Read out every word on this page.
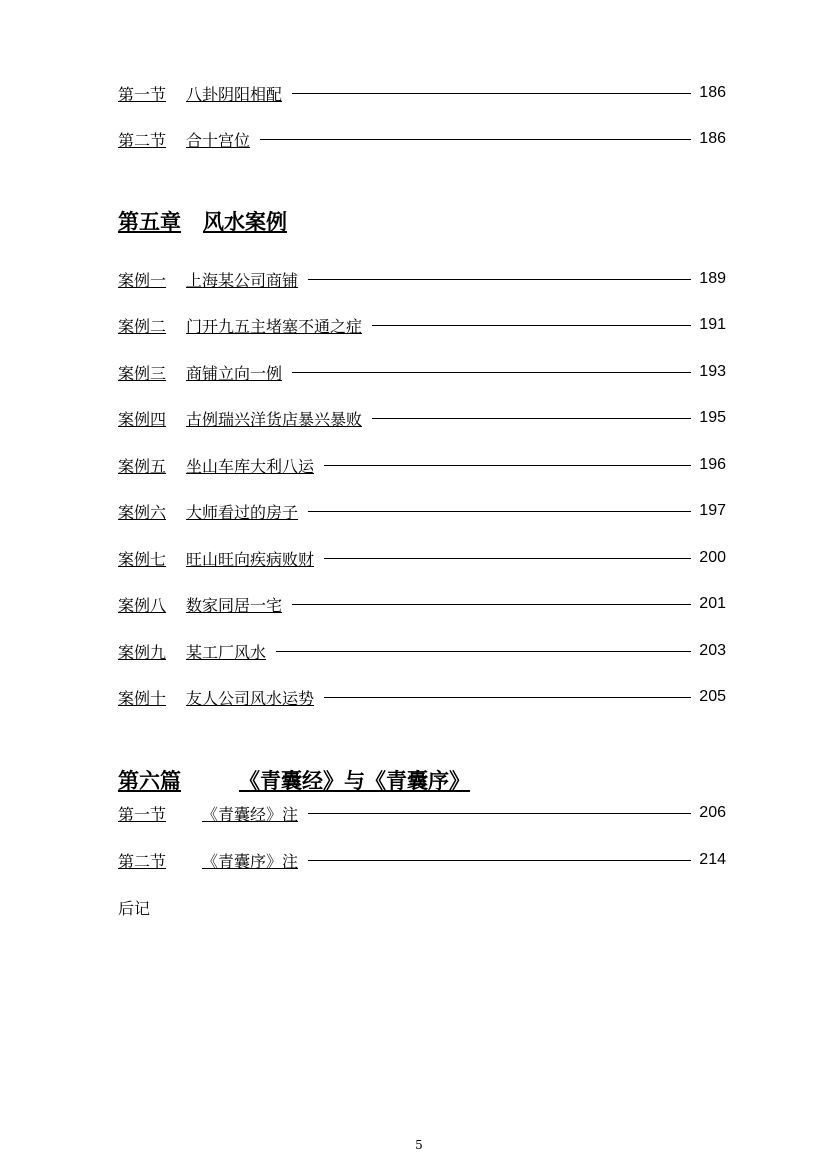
第一节 八卦阴阳相配	186
第二节 合十宫位	186
第五章 风水案例
案例一 上海某公司商铺	189
案例二 门开九五主堵塞不通之症	191
案例三 商铺立向一例	193
案例四 古例瑞兴洋货店暴兴暴败	195
案例五 坐山车库大利八运	196
案例六 大师看过的房子	197
案例七 旺山旺向疾病败财	200
案例八 数家同居一宅	201
案例九 某工厂风水	203
案例十 友人公司风水运势	205
第六篇	《青囊经》与《青囊序》
第一节 《青囊经》注	206
第二节 《青囊序》注	214
后记
5
